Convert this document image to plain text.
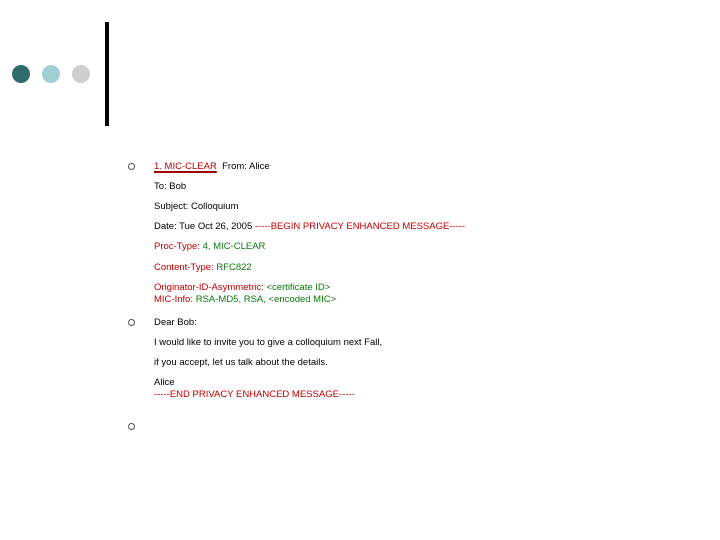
1. MIC-CLEAR From: Alice
To: Bob
Subject: Colloquium
Date: Tue Oct 26, 2005 -----BEGIN PRIVACY ENHANCED MESSAGE-----
Proc-Type: 4, MIC-CLEAR
Content-Type: RFC822
Originator-ID-Asymmetric: <certificate ID>
MIC-Info: RSA-MD5, RSA, <encoded MIC>
Dear Bob:
I would like to invite you to give a colloquium next Fall,
if you accept, let us talk about the details.
Alice
-----END PRIVACY ENHANCED MESSAGE-----
